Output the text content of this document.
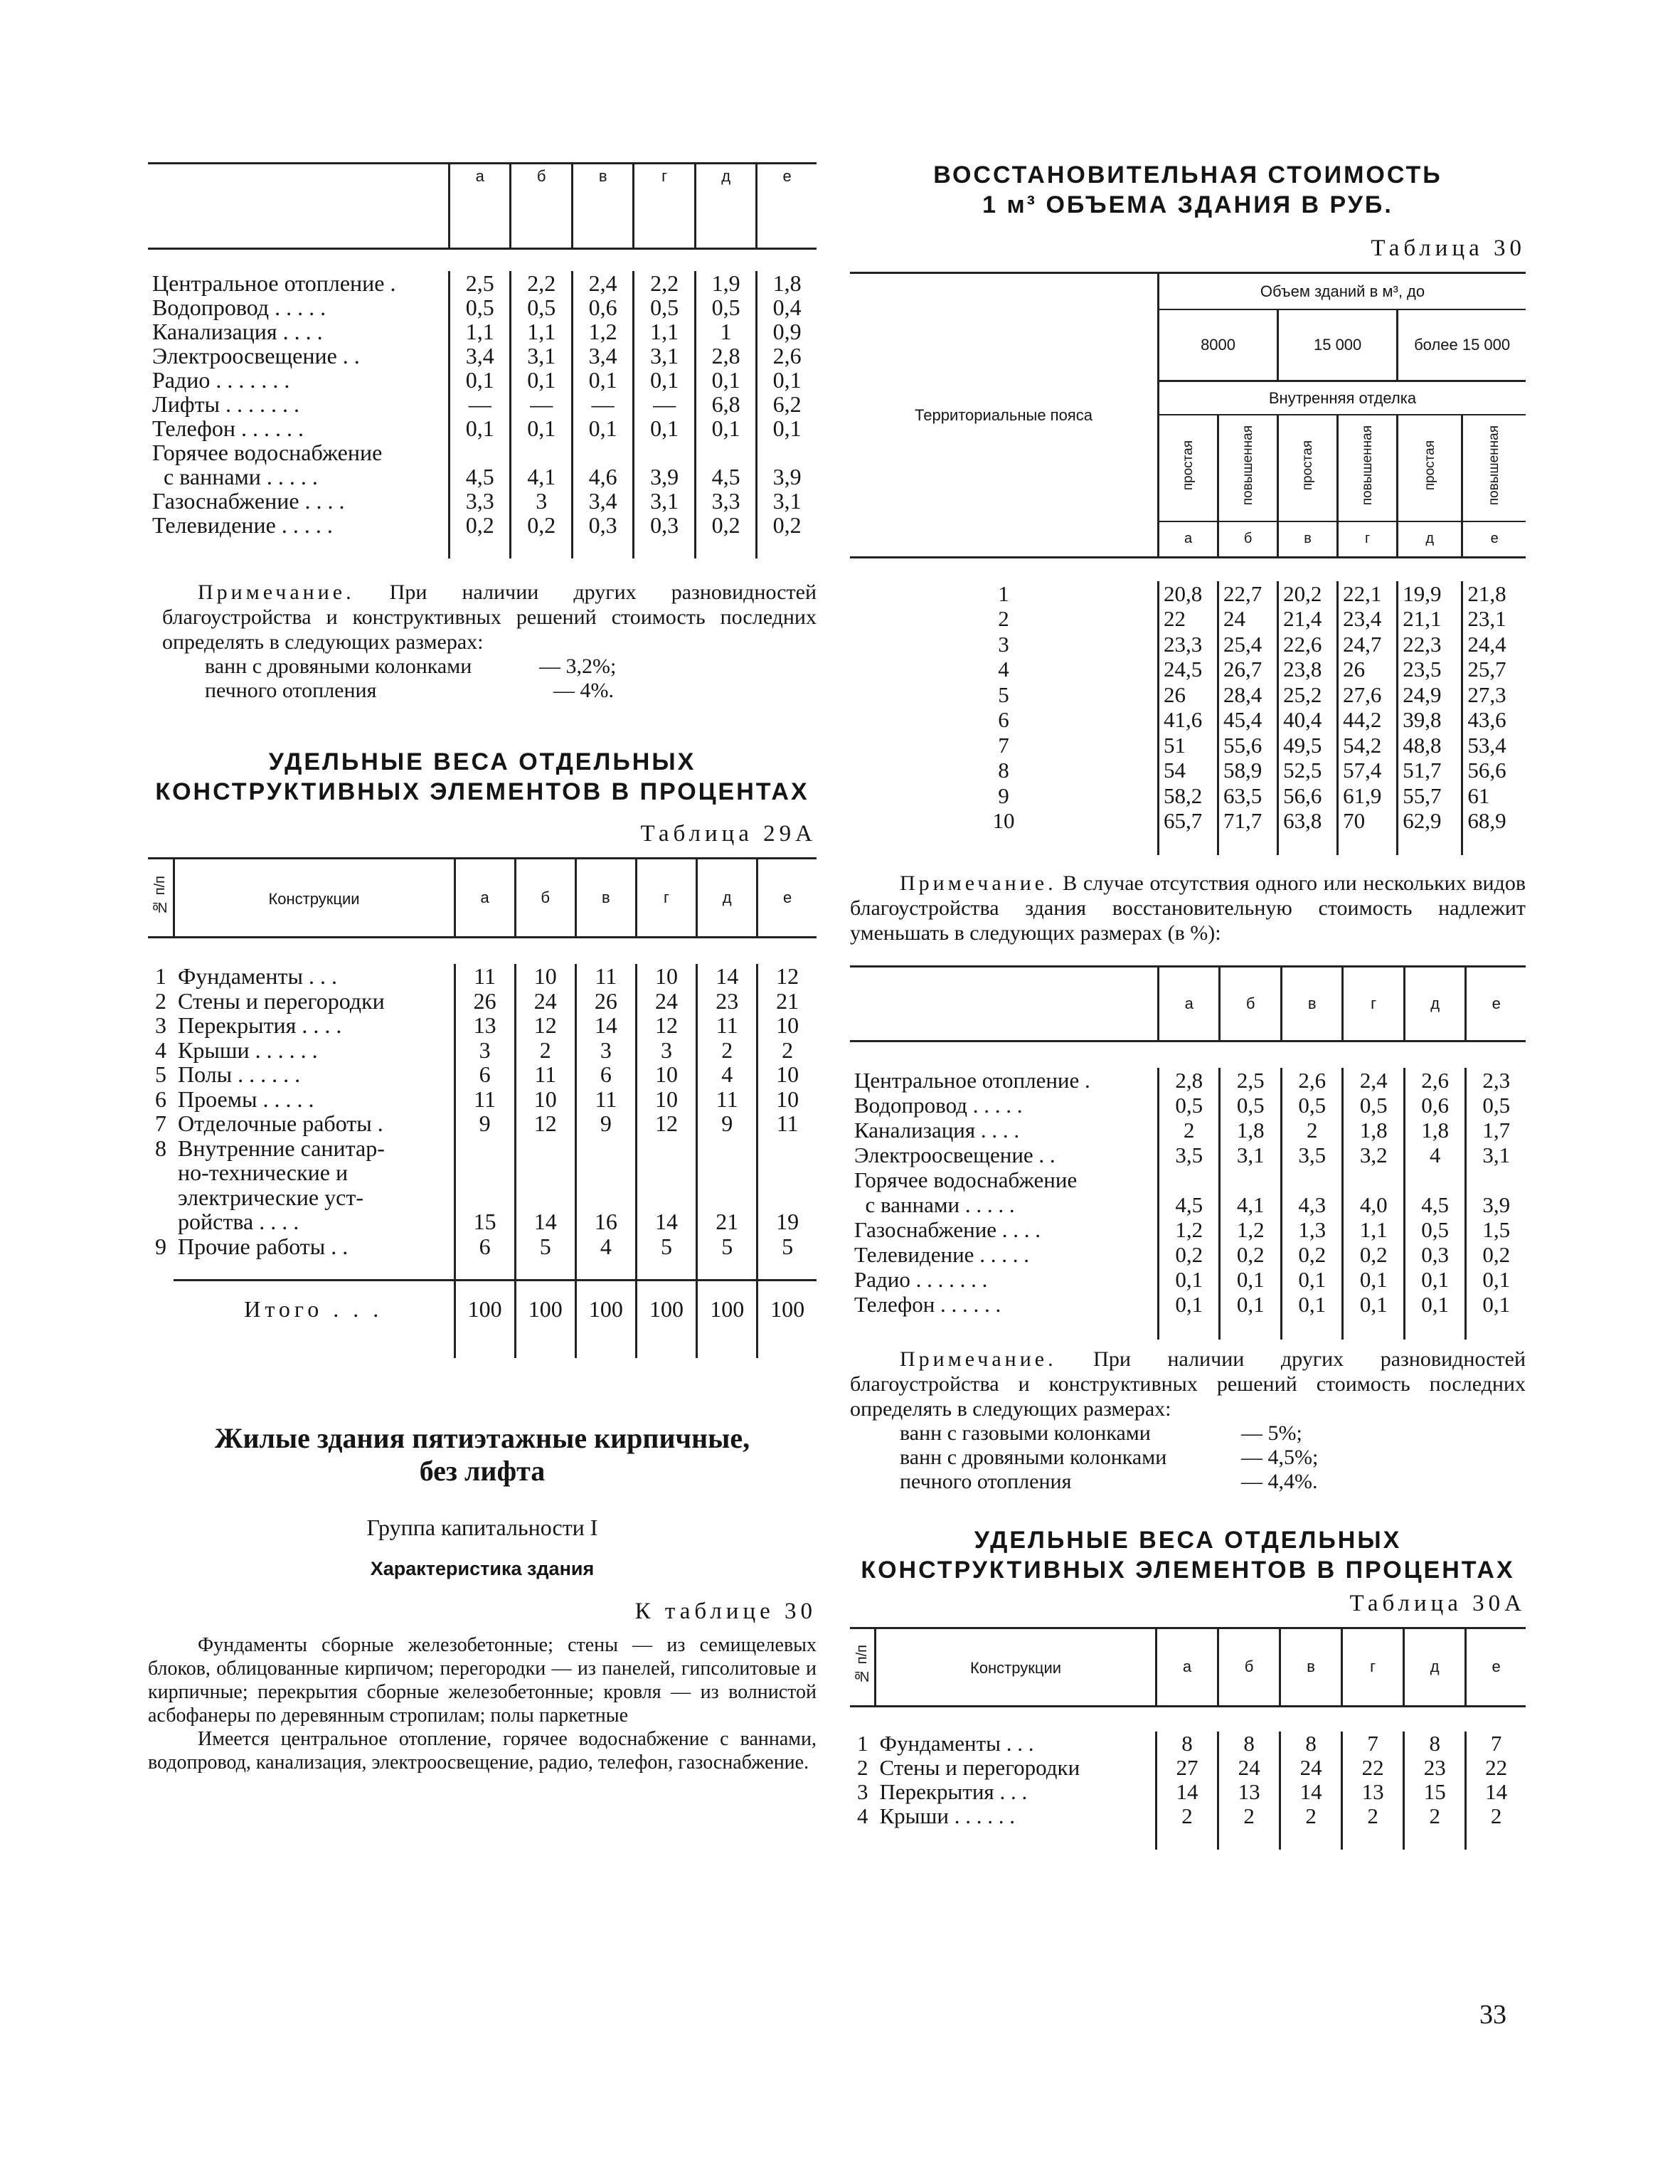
	а	б	в	г	д	е

Центральное отопление .	2,5	2,2	2,4	2,2	1,9	1,8
Водопровод . . . . .	0,5	0,5	0,6	0,5	0,5	0,4
Канализация . . . .	1,1	1,1	1,2	1,1	1	0,9
Электроосвещение . .	3,4	3,1	3,4	3,1	2,8	2,6
Радио . . . . . . .	0,1	0,1	0,1	0,1	0,1	0,1
Лифты . . . . . . .	—	—	—	—	6,8	6,2
Телефон . . . . . .	0,1	0,1	0,1	0,1	0,1	0,1
Горячее водоснабжение						
с ваннами . . . . .	4,5	4,1	4,6	3,9	4,5	3,9
Газоснабжение . . . .	3,3	3	3,4	3,1	3,3	3,1
Телевидение . . . . .	0,2	0,2	0,3	0,3	0,2	0,2

Примечание. При наличии других разновидностей благоустройства и конструктивных решений стоимость последних определять в следующих размерах:

ванн с дровяными колонками	— 3,2%;
печного отопления	— 4%.

УДЕЛЬНЫЕ ВЕСА ОТДЕЛЬНЫХ

КОНСТРУКТИВНЫХ ЭЛЕМЕНТОВ В ПРОЦЕНТАХ

Таблица 29А

№ п/п	Конструкции	а	б	в	г	д	е

1	Фундаменты . . .	11	10	11	10	14	12
2	Стены и перегородки	26	24	26	24	23	21
3	Перекрытия . . . .	13	12	14	12	11	10
4	Крыши . . . . . .	3	2	3	3	2	2
5	Полы . . . . . .	6	11	6	10	4	10
6	Проемы . . . . .	11	10	11	10	11	10
7	Отделочные работы .	9	12	9	12	9	11
8	Внутренние санитар-						
	но-технические и						
	электрические уст-						
	ройства . . . .	15	14	16	14	21	19
9	Прочие работы . .	6	5	4	5	5	5

	Итого . . .	100	100	100	100	100	100

Жилые здания пятиэтажные кирпичные,

без лифта

Группа капитальности I

Характеристика здания

К таблице 30

Фундаменты сборные железобетонные; стены — из семищелевых блоков, облицованные кирпичом; перегородки — из панелей, гипсолитовые и кирпичные; перекрытия сборные железобетонные; кровля — из волнистой асбофанеры по деревянным стропилам; полы паркетные

Имеется центральное отопление, горячее водоснабжение с ваннами, водопровод, канализация, электроосвещение, радио, телефон, газоснабжение.

ВОССТАНОВИТЕЛЬНАЯ СТОИМОСТЬ

1 м³ ОБЪЕМА ЗДАНИЯ В РУБ.

Таблица 30

Территориальные пояса	Объем зданий в м³, до					
	8000		15 000		более 15 000	
	Внутренняя отделка					
	простая	повышенная	простая	повышенная	простая	повышенная
	а	б	в	г	д	е

1	20,8	22,7	20,2	22,1	19,9	21,8
2	22	24	21,4	23,4	21,1	23,1
3	23,3	25,4	22,6	24,7	22,3	24,4
4	24,5	26,7	23,8	26	23,5	25,7
5	26	28,4	25,2	27,6	24,9	27,3
6	41,6	45,4	40,4	44,2	39,8	43,6
7	51	55,6	49,5	54,2	48,8	53,4
8	54	58,9	52,5	57,4	51,7	56,6
9	58,2	63,5	56,6	61,9	55,7	61
10	65,7	71,7	63,8	70	62,9	68,9

Примечание. В случае отсутствия одного или нескольких видов благоустройства здания восстановительную стоимость надлежит уменьшать в следующих размерах (в %):

	а	б	в	г	д	е

Центральное отопление .	2,8	2,5	2,6	2,4	2,6	2,3
Водопровод . . . . .	0,5	0,5	0,5	0,5	0,6	0,5
Канализация . . . .	2	1,8	2	1,8	1,8	1,7
Электроосвещение . .	3,5	3,1	3,5	3,2	4	3,1
Горячее водоснабжение						
с ваннами . . . . .	4,5	4,1	4,3	4,0	4,5	3,9
Газоснабжение . . . .	1,2	1,2	1,3	1,1	0,5	1,5
Телевидение . . . . .	0,2	0,2	0,2	0,2	0,3	0,2
Радио . . . . . . .	0,1	0,1	0,1	0,1	0,1	0,1
Телефон . . . . . .	0,1	0,1	0,1	0,1	0,1	0,1

Примечание. При наличии других разновидностей благоустройства и конструктивных решений стоимость последних определять в следующих размерах:

ванн с газовыми колонками	— 5%;
ванн с дровяными колонками	— 4,5%;
печного отопления	— 4,4%.

УДЕЛЬНЫЕ ВЕСА ОТДЕЛЬНЫХ

КОНСТРУКТИВНЫХ ЭЛЕМЕНТОВ В ПРОЦЕНТАХ

Таблица 30А

№ п/п	Конструкции	а	б	в	г	д	е

1	Фундаменты . . .	8	8	8	7	8	7
2	Стены и перегородки	27	24	24	22	23	22
3	Перекрытия . . .	14	13	14	13	15	14
4	Крыши . . . . . .	2	2	2	2	2	2

33
